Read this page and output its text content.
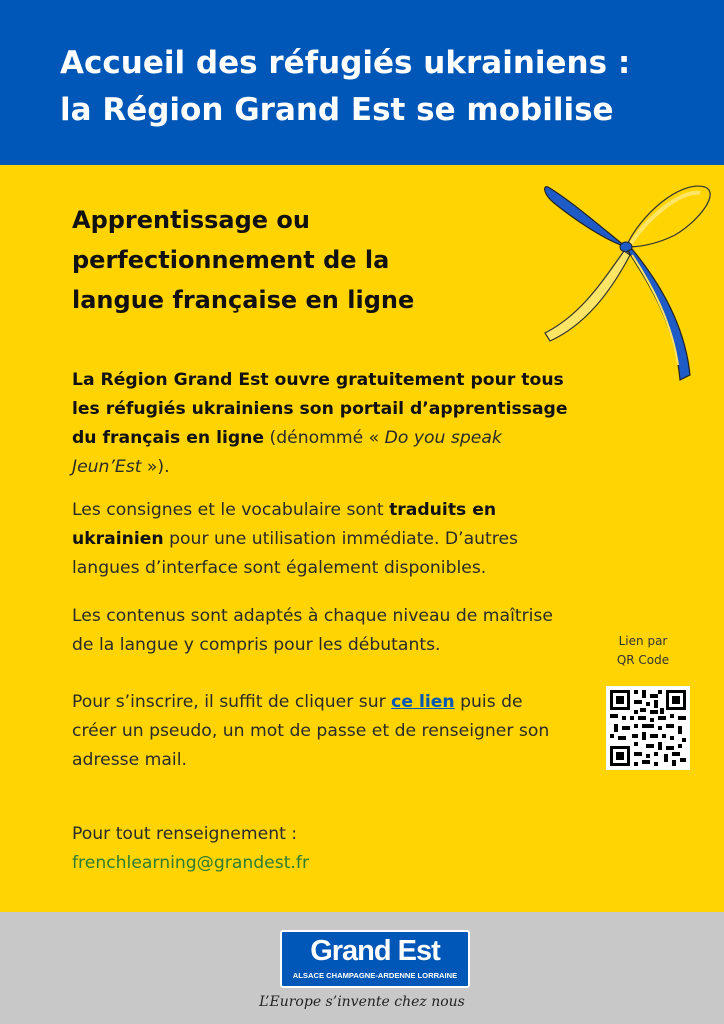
Accueil des réfugiés ukrainiens :
la Région Grand Est se mobilise
Apprentissage ou
perfectionnement de la
langue française en ligne

La Région Grand Est ouvre gratuitement pour tous les réfugiés ukrainiens son portail d’apprentissage du français en ligne (dénommé « Do you speak Jeun’Est »).

Les consignes et le vocabulaire sont traduits en ukrainien pour une utilisation immédiate. D’autres langues d’interface sont également disponibles.

Les contenus sont adaptés à chaque niveau de maîtrise de la langue y compris pour les débutants.

Pour s’inscrire, il suffit de cliquer sur ce lien puis de créer un pseudo, un mot de passe et de renseigner son adresse mail.

Pour tout renseignement :

frenchlearning@grandest.fr

Lien par
QR Code

Grand Est
ALSACE CHAMPAGNE-ARDENNE LORRAINE

L’Europe s’invente chez nous
